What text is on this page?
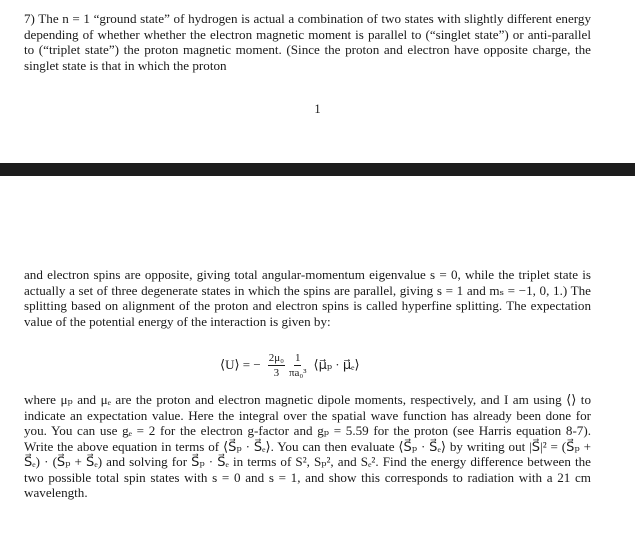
7) The n = 1 “ground state” of hydrogen is actual a combination of two states with slightly different energy depending of whether whether the electron magnetic moment is parallel to (“singlet state”) or anti-parallel to (“triplet state”) the proton magnetic moment. (Since the proton and electron have opposite charge, the singlet state is that in which the proton

1

and electron spins are opposite, giving total angular-momentum eigenvalue s = 0, while the triplet state is actually a set of three degenerate states in which the spins are parallel, giving s = 1 and mₛ = −1, 0, 1.) The splitting based on alignment of the proton and electron spins is called hyperfine splitting. The expectation value of the potential energy of the interaction is given by:

⟨U⟩ = − $\frac{\text{2μ₀}}{3} \frac{1}{\text{πa₀³}}$ ⟨μ⃗ₚ · μ⃗ₑ⟩

where μₚ and μₑ are the proton and electron magnetic dipole moments, respectively, and I am using ⟨⟩ to indicate an expectation value. Here the integral over the spatial wave function has already been done for you. You can use gₑ = 2 for the electron g-factor and gₚ = 5.59 for the proton (see Harris equation 8-7). Write the above equation in terms of ⟨S⃗ₚ · S⃗ₑ⟩. You can then evaluate ⟨S⃗ₚ · S⃗ₑ⟩ by writing out |S⃗|² = (S⃗ₚ + S⃗ₑ) · (S⃗ₚ + S⃗ₑ) and solving for S⃗ₚ · S⃗ₑ in terms of S², Sₚ², and Sₑ². Find the energy difference between the two possible total spin states with s = 0 and s = 1, and show this corresponds to radiation with a 21 cm wavelength.
